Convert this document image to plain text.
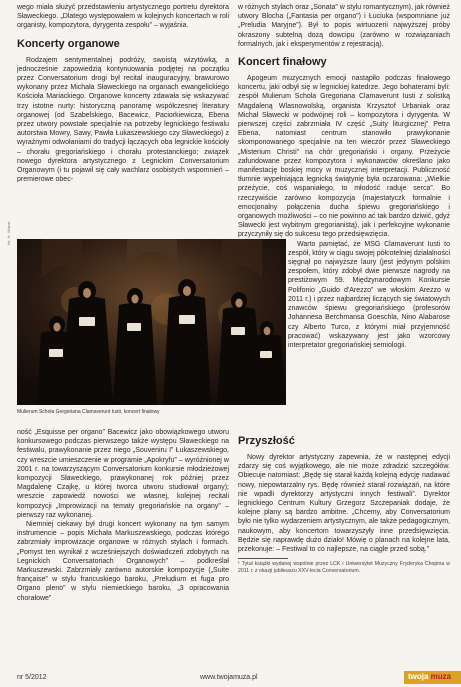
wego miała służyć przedstawieniu artystycznego portretu dyrektora Sławeckiego. „Dlatego występowałem w kolejnych koncertach w roli organisty, kompozytora, dyrygenta zespołu” – wyjaśnia.

Koncerty organowe

Rodzajem sentymentalnej podróży, swoistą wizytówką, a jednocześnie zapowiedzią kontynuowania podjętej na początku przez Conversatorium drogi był recital inauguracyjny, brawurowo wykonany przez Michała Sławeckiego na organach ewangelickiego Kościoła Mariackiego. Organowe koncerty zdawała się wskazywać trzy istotne nurty: historyczną panoramę współczesnej literatury organowej (od Szabelskiego, Bacewicz, Paciorkiewicza, Ebena przez utwory powstałe specjalnie na potrzeby legnickiego festiwalu autorstwa Mowry, Sawy, Pawła Łukaszewskiego czy Sławeckiego) z wyraźnymi odwołaniami do tradycji łączących oba legnickie kościoły – chorału gregoriańskiego i chorału protestanckiego; związek nowego dyrektora artystycznego z Legnickim Conversatorium Organowym (i tu pojawił się cały wachlarz osobistych wspomnień – premierowe obec-

w różnych stylach oraz „Sonata” w stylu romantycznym), jak również utwory Blocha („Fantasia per organo”) i Łuciuka (wspomniane już „Preludia Maryjne”). Był to popis wirtuozerii najwyższej próby okraszony subtelną dozą dowcipu (zarówno w rozwiązaniach formalnych, jak i eksperymentów z rejestracją).

Koncert finałowy

Apogeum muzycznych emocji nastąpiło podczas finałowego koncertu, jaki odbył się w legnickiej katedrze. Jego bohaterami byli: zespół Mulierum Schola Gregoriana Clamaverunt Iusti z solistką Magdaleną Wlasnowolską, organista Krzysztof Urbaniak oraz Michał Sławecki w podwójnej roli – kompozytora i dyrygenta. W pierwszej części zabrzmiała IV część „Suity liturgicznej” Petra Ebena, natomiast centrum stanowiło prawykonanie skomponowanego specjalnie na ten wieczór przez Sławeckiego „Misterium Christi” na chór gregoriański i organy. Przeżycie zafundowane przez kompozytora i wykonawców określano jako manifestację boskiej mocy w muzycznej interpretacji. Publiczność tłumnie wypełniająca legnicką świątynię była oczarowana: „Wielkie przeżycie, coś wspaniałego, to młodość raduje serca”. Bo rzeczywiście zarówno kompozycja (majestatyczk formalnie i emocjonalny połączenia ducha śpiewu gregoriańskiego i organowych możliwości – co nie powinno ać tak bardzo dziwić, gdyż Sławecki jest wybitnym gregorianistą), jak i perfekcyjne wykonanie przyczyniły się do sukcesu tego przedsięwzięcia.

Warto pamiętać, że MSG Clamaverunt Iusti to zespół, który w ciągu swojej półcotelniej działalności sięgnął po najwyższe laury (jest jedynym polskim zespołem, który zdobył dwie pierwsze nagrody na prestiżowym 59. Międzynarodowym Konkursie Polifonio „Guido d'Arezzo” we włoskim Arezzo w 2011 r.) i przez najbardziej liczących się światowych znawców śpiewu gregoriańskiego (profesorów Johannesa Berchmansa Goeschla, Nino Alabarose czy Alberto Turco, z którymi miał przyjemność pracować) wskazywany jest jako wzorcowy interpretator gregoriańskiej semiologii.

fot. H. Wajnic
Mulierum Schola Gregoriana Clamaverunt Iusti, koncert finałowy

ność „Esquisse per organo” Bacewicz jako obowiązkowego utworu konkursowego podczas pierwszego także występu Sławeckiego na festiwalu, prawykonanie przez niego „Souveniru I” Łukaszewskiego, czy wreszcie umieszczenie w programie „Apokryfu” – wyróżnionej w 2001 r. na towarzyszącym Conversatorium konkursie młodzieżowej kompozycji Sławeckiego, prawykonanej rok później przez Magdalenę Czajkę, u której tworca utworu studiował organy); wreszcie zapowiedź nowości we własnej, kolejnej recitali kompozycji „Improwizacji na tematy gregoriańskie na organy” – pierwszy raz wykonanej.

Niemniej ciekawy był drugi koncert wykonany na tym samym instrumencie – popis Michała Markuszewskiego, podczas którego zabrzmiały improwizacje organowe w różnych stylach i formach. „Pomyst ten wynikał z wcześniejszych doświadczeń zdobytych na Legnickich Conversatoriach Organowych” – podkreślał Markuszewski. Zabrzmiały zarówno autorskie kompozycje („Suite française” w stylu francuskiego baroku, „Preludium et fuga pro Organo pleno” w stylu niemieckiego baroku, „3 opracowania chorałowe”

Przyszłość

Nowy dyrektor artystyczny zapewnia, że w następnej edycji zdarzy się coś wyjątkowego, ale nie może zdradzić szczegółów. Obiecuje natomiast: „Będę się starał każdą kolejną edycję nadawać nowy, niepowtarzalny rys. Będę również starał rozwiązań, na które nie wpadli dyrektorzy artystyczni innych festiwali”. Dyrektor legnickiego Centrum Kultury Grzegorz Szczepaniak dodaje, że kolejne plany są bardzo ambitne. „Chcemy, aby Conversatorium było nie tylko wydarzeniem artystycznym, ale także pedagogicznym, naukowym, aby koncertom towarzyszyły inne przedsięwzięcia. Będzie się naprawdę dużo działo! Mówię o planach na kolejne lata, przekonuje: – Festiwal to co najlepsze, na ciągle przed sobą.”

¹ Tytuł książki wydanej wspólnie przez LCK i Uniwersytet Muzyczny Fryderyka Chopina w 2011 r. z okazji jubileuszu XXV-lecia Conversatorium.

nr 5/2012	www.twojamuza.pl	twoja muza
